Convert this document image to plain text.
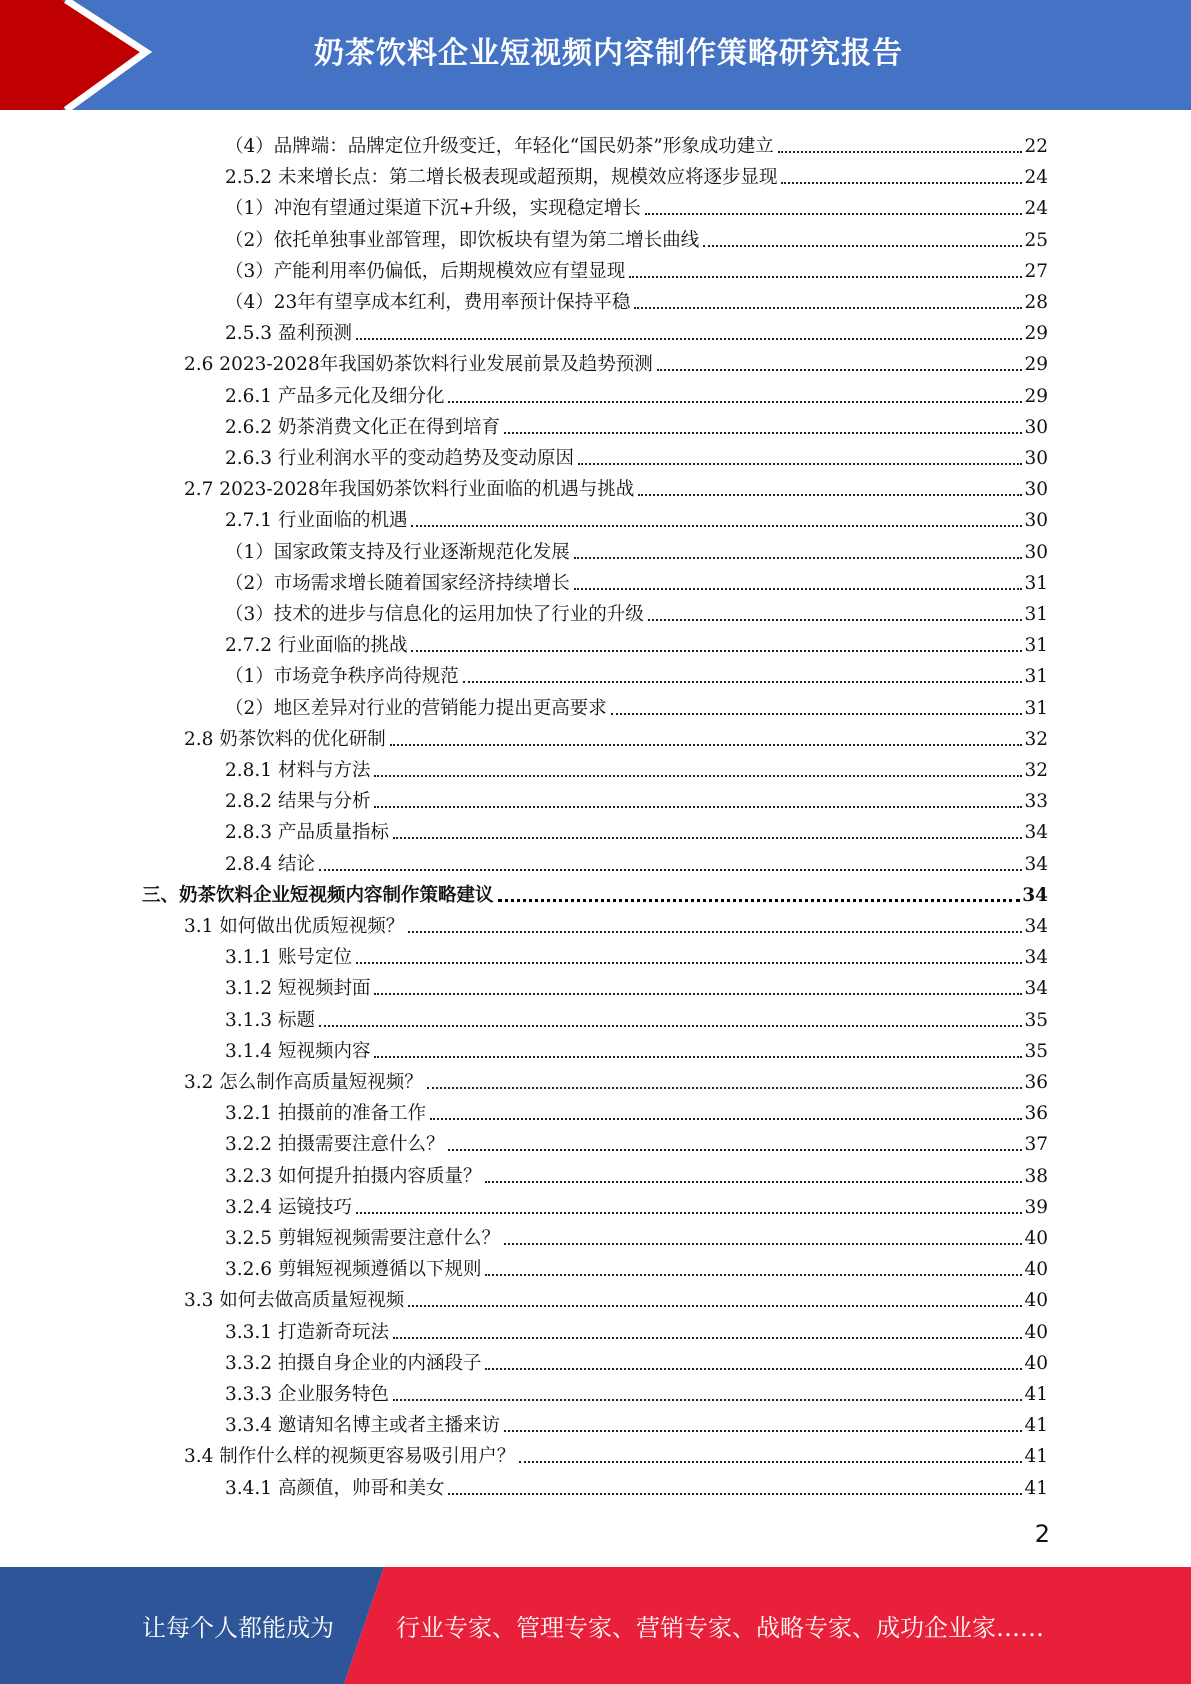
奶茶饮料企业短视频内容制作策略研究报告
（4）品牌端：品牌定位升级变迁，年轻化“国民奶茶”形象成功建立	22
2.5.2 未来增长点：第二增长极表现或超预期，规模效应将逐步显现	24
（1）冲泡有望通过渠道下沉+升级，实现稳定增长	24
（2）依托单独事业部管理，即饮板块有望为第二增长曲线	25
（3）产能利用率仍偏低，后期规模效应有望显现	27
（4）23年有望享成本红利，费用率预计保持平稳	28
2.5.3 盈利预测	29
2.6 2023-2028年我国奶茶饮料行业发展前景及趋势预测	29
2.6.1 产品多元化及细分化	29
2.6.2 奶茶消费文化正在得到培育	30
2.6.3 行业利润水平的变动趋势及变动原因	30
2.7 2023-2028年我国奶茶饮料行业面临的机遇与挑战	30
2.7.1 行业面临的机遇	30
（1）国家政策支持及行业逐渐规范化发展	30
（2）市场需求增长随着国家经济持续增长	31
（3）技术的进步与信息化的运用加快了行业的升级	31
2.7.2 行业面临的挑战	31
（1）市场竞争秩序尚待规范	31
（2）地区差异对行业的营销能力提出更高要求	31
2.8 奶茶饮料的优化研制	32
2.8.1 材料与方法	32
2.8.2 结果与分析	33
2.8.3 产品质量指标	34
2.8.4 结论	34
三、奶茶饮料企业短视频内容制作策略建议	34
3.1 如何做出优质短视频？	34
3.1.1 账号定位	34
3.1.2 短视频封面	34
3.1.3 标题	35
3.1.4 短视频内容	35
3.2 怎么制作高质量短视频？	36
3.2.1 拍摄前的准备工作	36
3.2.2 拍摄需要注意什么？	37
3.2.3 如何提升拍摄内容质量？	38
3.2.4 运镜技巧	39
3.2.5 剪辑短视频需要注意什么？	40
3.2.6 剪辑短视频遵循以下规则	40
3.3 如何去做高质量短视频	40
3.3.1 打造新奇玩法	40
3.3.2 拍摄自身企业的内涵段子	40
3.3.3 企业服务特色	41
3.3.4 邀请知名博主或者主播来访	41
3.4 制作什么样的视频更容易吸引用户？	41
3.4.1 高颜值，帅哥和美女	41
2
让每个人都能成为	行业专家、管理专家、营销专家、战略专家、成功企业家……
